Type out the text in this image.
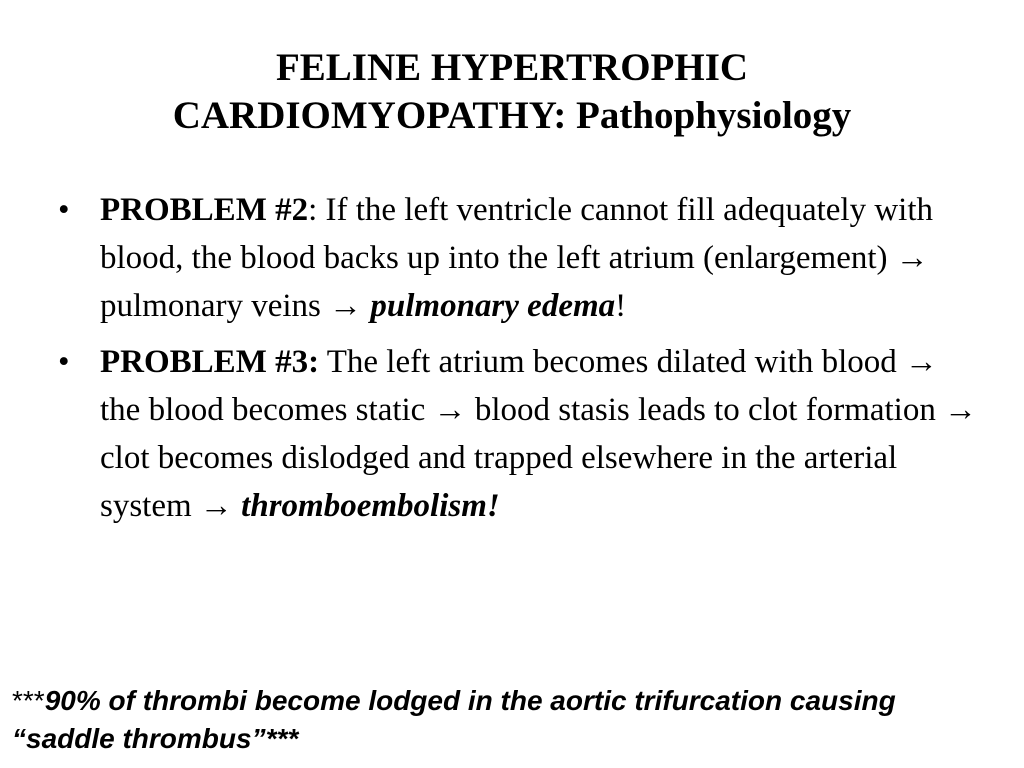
FELINE HYPERTROPHIC
CARDIOMYOPATHY: Pathophysiology
• PROBLEM #2: If the left ventricle cannot fill adequately with blood, the blood backs up into the left atrium (enlargement) → pulmonary veins → pulmonary edema!
• PROBLEM #3: The left atrium becomes dilated with blood → the blood becomes static → blood stasis leads to clot formation → clot becomes dislodged and trapped elsewhere in the arterial system → thromboembolism!
***90% of thrombi become lodged in the aortic trifurcation causing “saddle thrombus”***
